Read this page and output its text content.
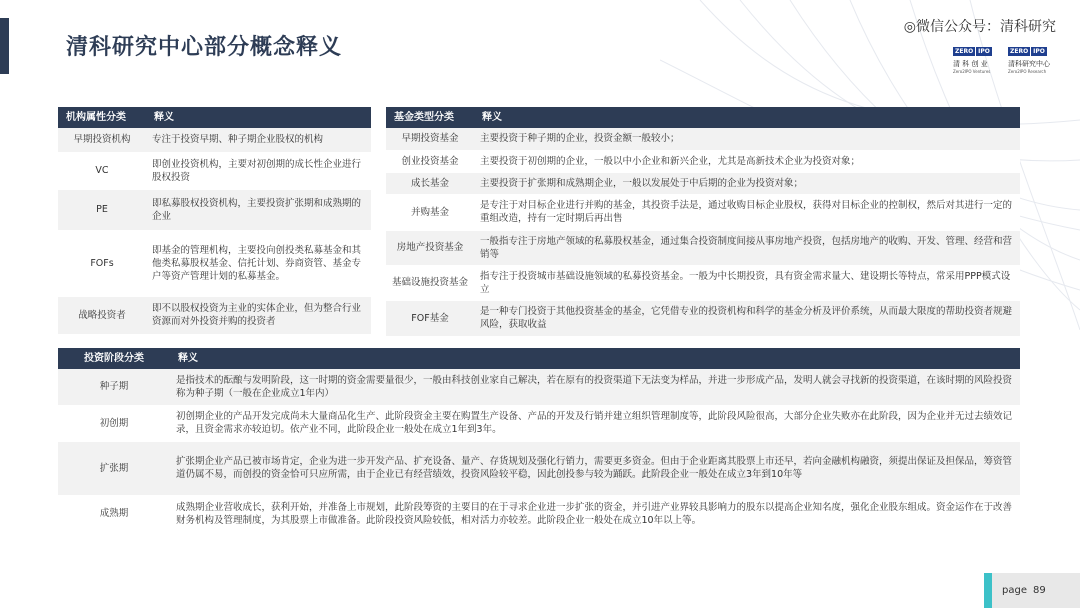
清科研究中心部分概念释义
◎微信公众号：清科研究
ZERO IPO
清 科 创 业
Zero2IPO Ventures
ZERO IPO
清科研究中心
Zero2IPO Research
机构属性分类	释义
早期投资机构	专注于投资早期、种子期企业股权的机构
VC	即创业投资机构，主要对初创期的成长性企业进行股权投资
PE	即私募股权投资机构，主要投资扩张期和成熟期的企业
FOFs	即基金的管理机构，主要投向创投类私募基金和其他类私募股权基金、信托计划、券商资管、基金专户等资产管理计划的私募基金。
战略投资者	即不以股权投资为主业的实体企业，但为整合行业资源而对外投资并购的投资者
基金类型分类	释义
早期投资基金	主要投资于种子期的企业，投资金额一般较小；
创业投资基金	主要投资于初创期的企业，一般以中小企业和新兴企业，尤其是高新技术企业为投资对象；
成长基金	主要投资于扩张期和成熟期企业，一般以发展处于中后期的企业为投资对象；
并购基金	是专注于对目标企业进行并购的基金，其投资手法是，通过收购目标企业股权，获得对目标企业的控制权，然后对其进行一定的重组改造，持有一定时期后再出售
房地产投资基金	一般指专注于房地产领域的私募股权基金，通过集合投资制度间接从事房地产投资，包括房地产的收购、开发、管理、经营和营销等
基础设施投资基金	指专注于投资城市基础设施领域的私募投资基金。一般为中长期投资，具有资金需求量大、建设期长等特点，常采用PPP模式设立
FOF基金	是一种专门投资于其他投资基金的基金，它凭借专业的投资机构和科学的基金分析及评价系统，从而最大限度的帮助投资者规避风险，获取收益
投资阶段分类	释义
种子期	是指技术的酝酿与发明阶段，这一时期的资金需要量很少，一般由科技创业家自己解决，若在原有的投资渠道下无法变为样品，并进一步形成产品，发明人就会寻找新的投资渠道，在该时期的风险投资称为种子期（一般在企业成立1年内）
初创期	初创期企业的产品开发完成尚未大量商品化生产、此阶段资金主要在购置生产设备、产品的开发及行销并建立组织管理制度等，此阶段风险很高，大部分企业失败亦在此阶段，因为企业并无过去绩效记录，且资金需求亦较迫切。依产业不同，此阶段企业一般处在成立1年到3年。
扩张期	扩张期企业产品已被市场肯定，企业为进一步开发产品、扩充设备、量产、存货规划及强化行销力，需要更多资金。但由于企业距离其股票上市还早，若向金融机构融资，须提出保证及担保品，筹资管道仍属不易，而创投的资金恰可只应所需，由于企业已有经营绩效，投资风险较平稳，因此创投参与较为踊跃。此阶段企业一般处在成立3年到10年等
成熟期	成熟期企业营收成长，获利开始，并准备上市规划，此阶段筹资的主要目的在于寻求企业进一步扩张的资金，并引进产业界较具影响力的股东以提高企业知名度，强化企业股东组成。资金运作在于改善财务机构及管理制度，为其股票上市做准备。此阶段投资风险较低，相对活力亦较差。此阶段企业一般处在成立10年以上等。
page 89
